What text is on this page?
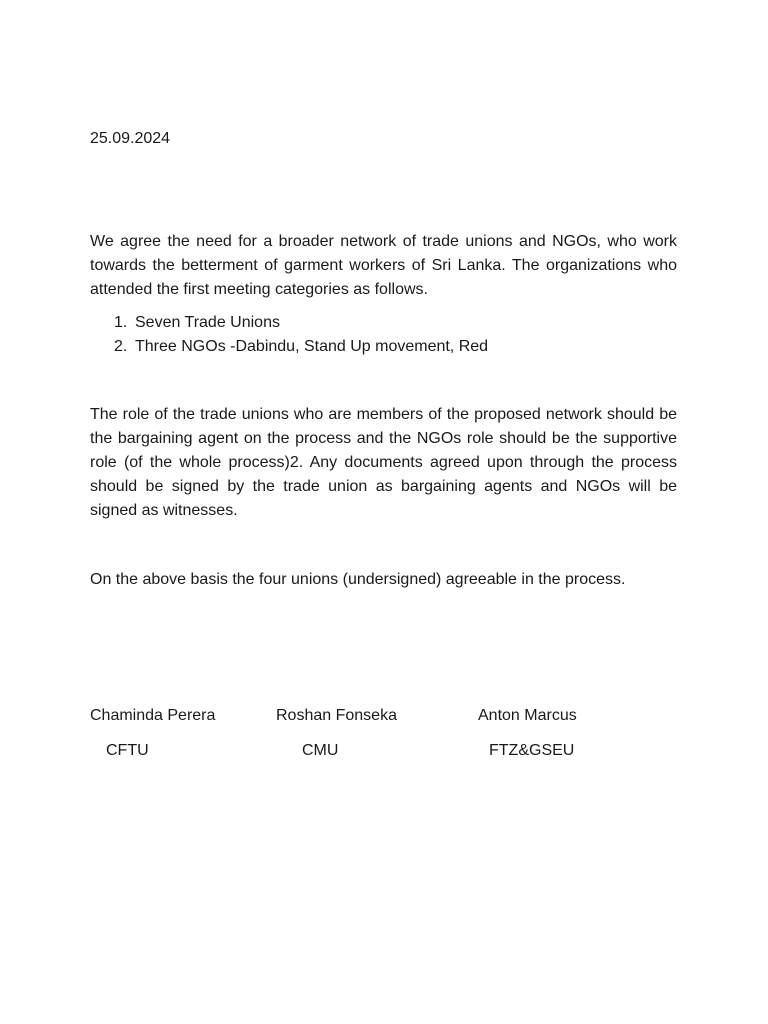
25.09.2024

We agree the need for a broader network of trade unions and NGOs, who work towards the betterment of garment workers of Sri Lanka. The organizations who attended the first meeting categories as follows.

1. Seven Trade Unions
2. Three NGOs -Dabindu, Stand Up movement, Red

The role of the trade unions who are members of the proposed network should be the bargaining agent on the process and the NGOs role should be the supportive role (of the whole process)2. Any documents agreed upon through the process should be signed by the trade union as bargaining agents and NGOs will be signed as witnesses.

On the above basis the four unions (undersigned) agreeable in the process.

Chaminda Perera
CFTU
Roshan Fonseka
CMU
Anton Marcus
FTZ&GSEU
